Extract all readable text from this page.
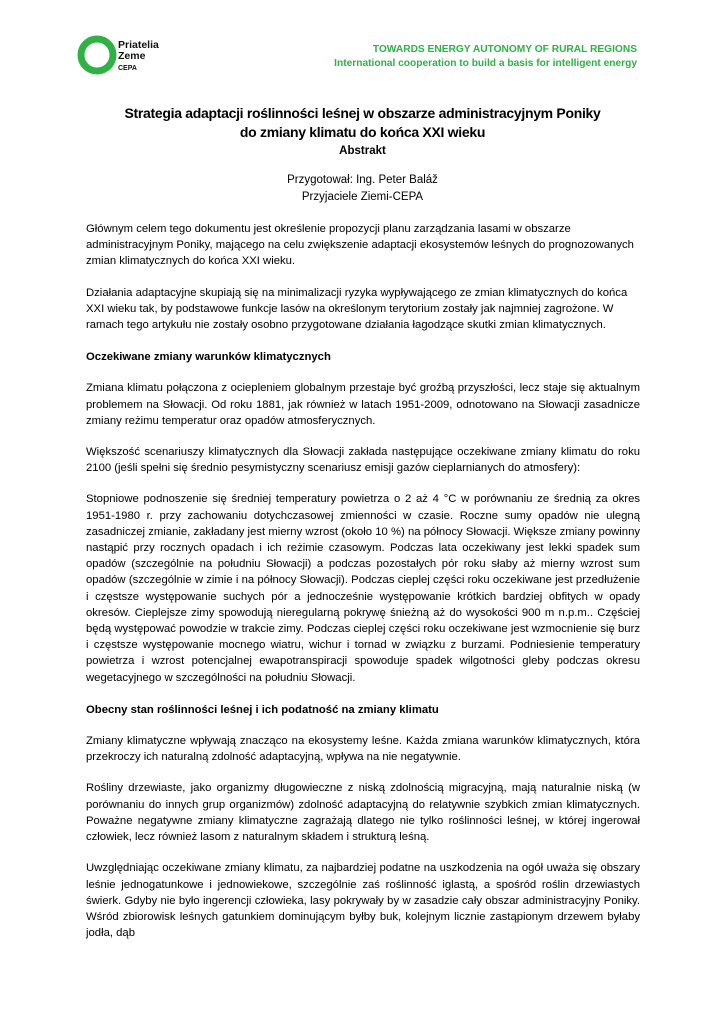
Priatelia
Zeme
CEPA
TOWARDS ENERGY AUTONOMY OF RURAL REGIONS
International cooperation to build a basis for intelligent energy
Strategia adaptacji roślinności leśnej w obszarze administracyjnym Poniky
do zmiany klimatu do końca XXI wieku
Abstrakt
Przygotował: Ing. Peter Baláž
Przyjaciele Ziemi-CEPA

Głównym celem tego dokumentu jest określenie propozycji planu zarządzania lasami w obszarze administracyjnym Poniky, mającego na celu zwiększenie adaptacji ekosystemów leśnych do prognozowanych zmian klimatycznych do końca XXI wieku.

Działania adaptacyjne skupiają się na minimalizacji ryzyka wypływającego ze zmian klimatycznych do końca XXI wieku tak, by podstawowe funkcje lasów na określonym terytorium zostały jak najmniej zagrożone. W ramach tego artykułu nie zostały osobno przygotowane działania łagodzące skutki zmian klimatycznych.

Oczekiwane zmiany warunków klimatycznych

Zmiana klimatu połączona z ociepleniem globalnym przestaje być groźbą przyszłości, lecz staje się aktualnym problemem na Słowacji. Od roku 1881, jak również w latach 1951-2009, odnotowano na Słowacji zasadnicze zmiany reżimu temperatur oraz opadów atmosferycznych.

Większość scenariuszy klimatycznych dla Słowacji zakłada następujące oczekiwane zmiany klimatu do roku 2100 (jeśli spełni się średnio pesymistyczny scenariusz emisji gazów cieplarnianych do atmosfery):

Stopniowe podnoszenie się średniej temperatury powietrza o 2 aż 4 °C w porównaniu ze średnią za okres 1951-1980 r. przy zachowaniu dotychczasowej zmienności w czasie. Roczne sumy opadów nie ulegną zasadniczej zmianie, zakładany jest mierny wzrost (około 10 %) na północy Słowacji. Większe zmiany powinny nastąpić przy rocznych opadach i ich reżimie czasowym. Podczas lata oczekiwany jest lekki spadek sum opadów (szczególnie na południu Słowacji) a podczas pozostałych pór roku słaby aż mierny wzrost sum opadów (szczególnie w zimie i na północy Słowacji). Podczas cieplej części roku oczekiwane jest przedłużenie i częstsze występowanie suchych pór a jednocześnie występowanie krótkich bardziej obfitych w opady okresów. Cieplejsze zimy spowodują nieregularną pokrywę śnieżną aż do wysokości 900 m n.p.m.. Częściej będą występować powodzie w trakcie zimy. Podczas cieplej części roku oczekiwane jest wzmocnienie się burz i częstsze występowanie mocnego wiatru, wichur i tornad w związku z burzami. Podniesienie temperatury powietrza i wzrost potencjalnej ewapotranspiracji spowoduje spadek wilgotności gleby podczas okresu wegetacyjnego w szczególności na południu Słowacji.

Obecny stan roślinności leśnej i ich podatność na zmiany klimatu

Zmiany klimatyczne wpływają znacząco na ekosystemy leśne. Każda zmiana warunków klimatycznych, która przekroczy ich naturalną zdolność adaptacyjną, wpływa na nie negatywnie.

Rośliny drzewiaste, jako organizmy długowieczne z niską zdolnością migracyjną, mają naturalnie niską (w porównaniu do innych grup organizmów) zdolność adaptacyjną do relatywnie szybkich zmian klimatycznych. Poważne negatywne zmiany klimatyczne zagrażają dlatego nie tylko roślinności leśnej, w której ingerował człowiek, lecz również lasom z naturalnym składem i strukturą leśną.

Uwzględniając oczekiwane zmiany klimatu, za najbardziej podatne na uszkodzenia na ogół uważa się obszary leśnie jednogatunkowe i jednowiekowe, szczególnie zaś roślinność iglastą, a spośród roślin drzewiastych świerk. Gdyby nie było ingerencji człowieka, lasy pokrywały by w zasadzie cały obszar administracyjny Poniky. Wśród zbiorowisk leśnych gatunkiem dominującym byłby buk, kolejnym licznie zastąpionym drzewem byłaby jodła, dąb
